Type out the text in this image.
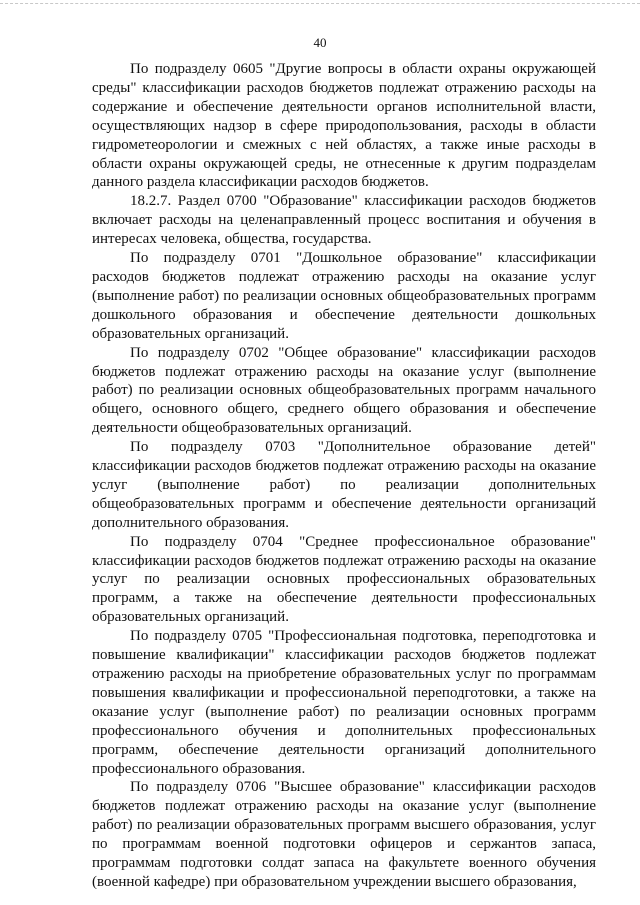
40

По подразделу 0605 "Другие вопросы в области охраны окружающей среды" классификации расходов бюджетов подлежат отражению расходы на содержание и обеспечение деятельности органов исполнительной власти, осуществляющих надзор в сфере природопользования, расходы в области гидрометеорологии и смежных с ней областях, а также иные расходы в области охраны окружающей среды, не отнесенные к другим подразделам данного раздела классификации расходов бюджетов.

18.2.7. Раздел 0700 "Образование" классификации расходов бюджетов включает расходы на целенаправленный процесс воспитания и обучения в интересах человека, общества, государства.

По подразделу 0701 "Дошкольное образование" классификации расходов бюджетов подлежат отражению расходы на оказание услуг (выполнение работ) по реализации основных общеобразовательных программ дошкольного образования и обеспечение деятельности дошкольных образовательных организаций.

По подразделу 0702 "Общее образование" классификации расходов бюджетов подлежат отражению расходы на оказание услуг (выполнение работ) по реализации основных общеобразовательных программ начального общего, основного общего, среднего общего образования и обеспечение деятельности общеобразовательных организаций.

По подразделу 0703 "Дополнительное образование детей" классификации расходов бюджетов подлежат отражению расходы на оказание услуг (выполнение работ) по реализации дополнительных общеобразовательных программ и обеспечение деятельности организаций дополнительного образования.

По подразделу 0704 "Среднее профессиональное образование" классификации расходов бюджетов подлежат отражению расходы на оказание услуг по реализации основных профессиональных образовательных программ, а также на обеспечение деятельности профессиональных образовательных организаций.

По подразделу 0705 "Профессиональная подготовка, переподготовка и повышение квалификации" классификации расходов бюджетов подлежат отражению расходы на приобретение образовательных услуг по программам повышения квалификации и профессиональной переподготовки, а также на оказание услуг (выполнение работ) по реализации основных программ профессионального обучения и дополнительных профессиональных программ, обеспечение деятельности организаций дополнительного профессионального образования.

По подразделу 0706 "Высшее образование" классификации расходов бюджетов подлежат отражению расходы на оказание услуг (выполнение работ) по реализации образовательных программ высшего образования, услуг по программам военной подготовки офицеров и сержантов запаса, программам подготовки солдат запаса на факультете военного обучения (военной кафедре) при образовательном учреждении высшего образования,
